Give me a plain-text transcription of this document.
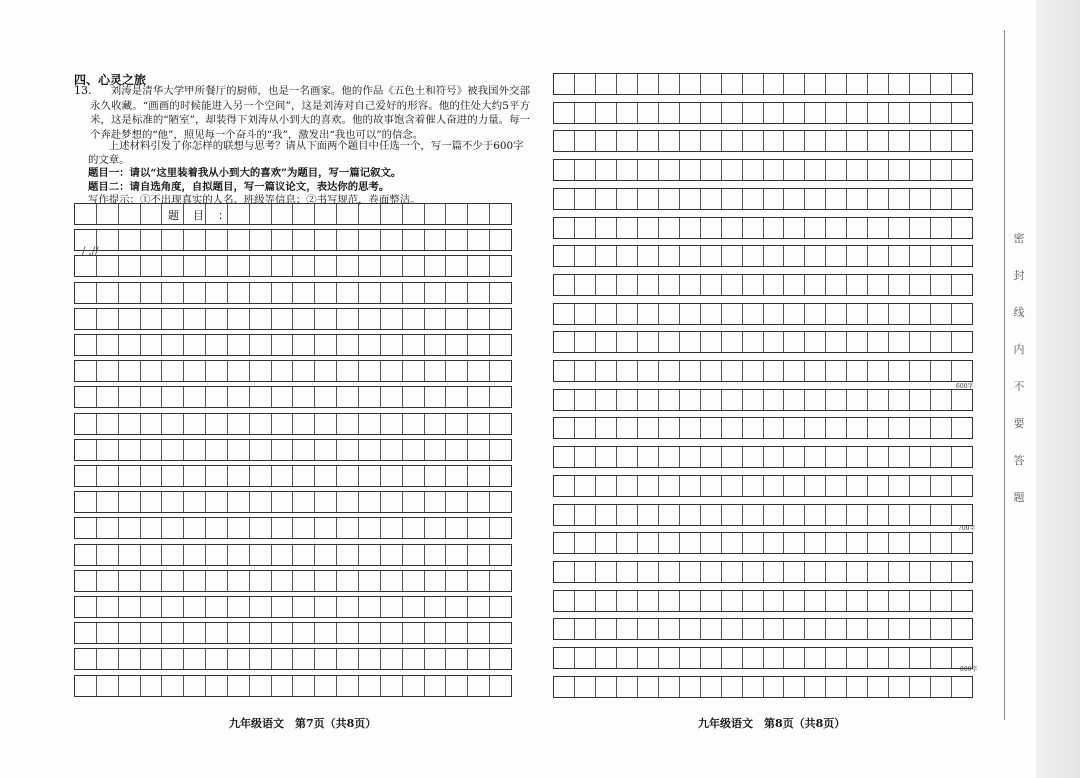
四、心灵之旅
13.	刘涛是清华大学甲所餐厅的厨师，也是一名画家。他的作品《五色土和符号》被我国外交部永久收藏。“画画的时候能进入另一个空间”，这是刘涛对自己爱好的形容。他的住处大约5平方米，这是标准的“陋室”，却装得下刘涛从小到大的喜欢。他的故事饱含着催人奋进的力量。每一个奔赴梦想的“他”，照见每一个奋斗的“我”，激发出“我也可以”的信念。

上述材料引发了你怎样的联想与思考？请从下面两个题目中任选一个，写一篇不少于600字的文章。
题目一：请以“这里装着我从小到大的喜欢”为题目，写一篇记叙文。
题目二：请自选角度，自拟题目，写一篇议论文，表达你的思考。
写作提示：①不出现真实的人名、班级等信息；②书写规范，卷面整洁。
题目：
/ ,//
600字
700字
800字
九年级语文　第7页（共8页）	九年级语文　第8页（共8页）
密
封
线
内
不
要
答
题
